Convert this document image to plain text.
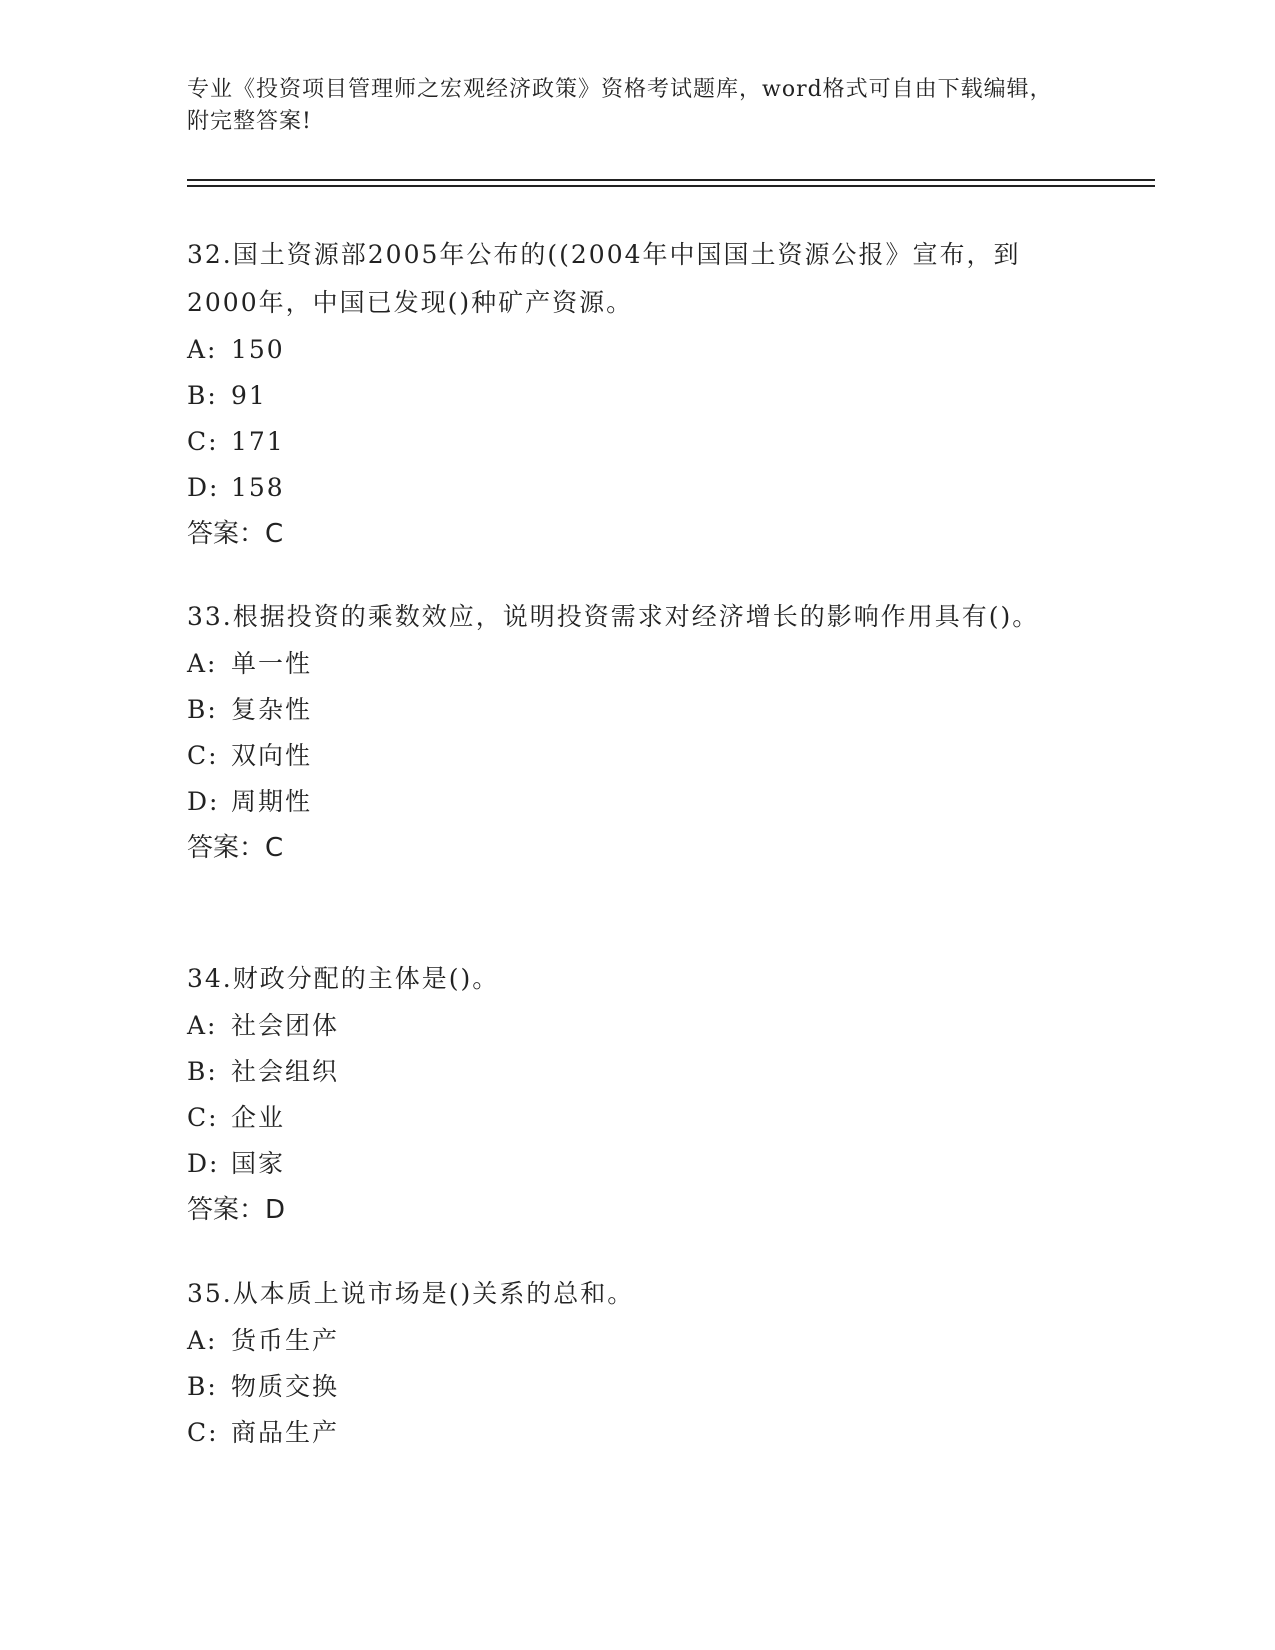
专业《投资项目管理师之宏观经济政策》资格考试题库，word格式可自由下载编辑，附完整答案!

32.国土资源部2005年公布的((2004年中国国土资源公报》宣布，到2000年，中国已发现()种矿产资源。

A: 150

B: 91

C: 171

D: 158

答案：C

33.根据投资的乘数效应，说明投资需求对经济增长的影响作用具有()。

A: 单一性

B: 复杂性

C: 双向性

D: 周期性

答案：C

34.财政分配的主体是()。

A: 社会团体

B: 社会组织

C: 企业

D: 国家

答案：D

35.从本质上说市场是()关系的总和。

A: 货币生产

B: 物质交换

C: 商品生产
